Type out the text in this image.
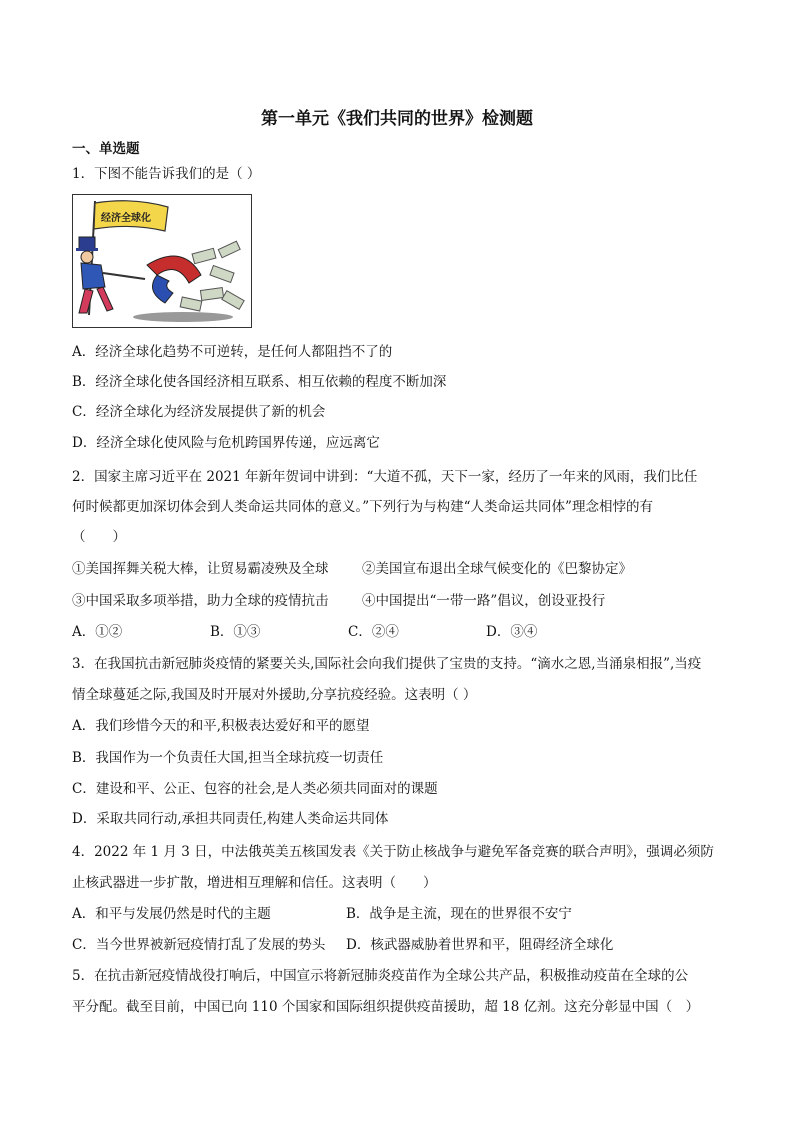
第一单元《我们共同的世界》检测题
一、单选题
1．下图不能告诉我们的是（ ）
经济全球化
A．经济全球化趋势不可逆转，是任何人都阻挡不了的
B．经济全球化使各国经济相互联系、相互依赖的程度不断加深
C．经济全球化为经济发展提供了新的机会
D．经济全球化使风险与危机跨国界传递，应远离它
2．国家主席习近平在 2021 年新年贺词中讲到：“大道不孤，天下一家，经历了一年来的风雨，我们比任
何时候都更加深切体会到人类命运共同体的意义。”下列行为与构建“人类命运共同体”理念相悖的有
（　　）
①美国挥舞关税大棒，让贸易霸凌殃及全球 ②美国宣布退出全球气候变化的《巴黎协定》
③中国采取多项举措，助力全球的疫情抗击 ④中国提出“一带一路”倡议，创设亚投行
A．①②	B．①③	C．②④	D．③④
3．在我国抗击新冠肺炎疫情的紧要关头,国际社会向我们提供了宝贵的支持。“滴水之恩,当涌泉相报”,当疫
情全球蔓延之际,我国及时开展对外援助,分享抗疫经验。这表明（ ）
A．我们珍惜今天的和平,积极表达爱好和平的愿望
B．我国作为一个负责任大国,担当全球抗疫一切责任
C．建设和平、公正、包容的社会,是人类必须共同面对的课题
D．采取共同行动,承担共同责任,构建人类命运共同体
4．2022 年 1 月 3 日，中法俄英美五核国发表《关于防止核战争与避免军备竞赛的联合声明》，强调必须防
止核武器进一步扩散，增进相互理解和信任。这表明（　　）
A．和平与发展仍然是时代的主题	B．战争是主流，现在的世界很不安宁
C．当今世界被新冠疫情打乱了发展的势头 D．核武器威胁着世界和平，阻碍经济全球化
5．在抗击新冠疫情战役打响后，中国宣示将新冠肺炎疫苗作为全球公共产品，积极推动疫苗在全球的公
平分配。截至目前，中国已向 110 个国家和国际组织提供疫苗援助，超 18 亿剂。这充分彰显中国（　）
